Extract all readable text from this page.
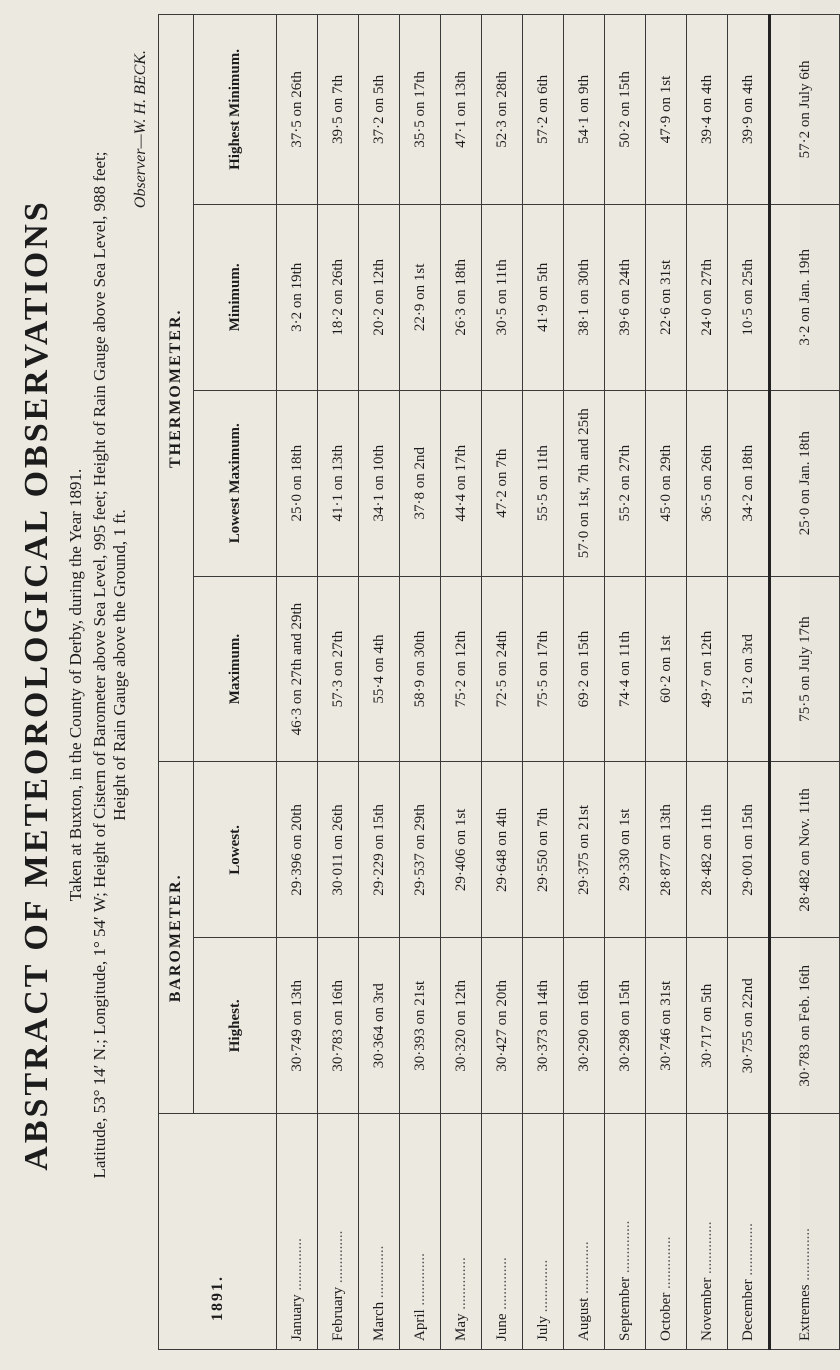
ABSTRACT OF METEOROLOGICAL OBSERVATIONS Taken at Buxton, in the County of Derby, during the Year 1891. Latitude, 53° 14′ N.; Longitude, 1° 54′ W; Height of Cistern of Barometer above Sea Level, 995 feet; Height of Rain Gauge above Sea Level, 988 feet; Height of Rain Gauge above the Ground, 1 ft.
Observer—W. H. BECK.
1891.	BAROMETER.		THERMOMETER.			
	Highest.	Lowest.	Maximum.	Lowest Maximum.	Minimum.	Highest Minimum.
January ..............	30·749 on 13th	29·396 on 20th	46·3 on 27th and 29th	25·0 on 18th	3·2 on 19th	37·5 on 26th
February ..............	30·783 on 16th	30·011 on 26th	57·3 on 27th	41·1 on 13th	18·2 on 26th	39·5 on 7th
March ..............	30·364 on 3rd	29·229 on 15th	55·4 on 4th	34·1 on 10th	20·2 on 12th	37·2 on 5th
April ..............	30·393 on 21st	29·537 on 29th	58·9 on 30th	37·8 on 2nd	22·9 on 1st	35·5 on 17th
May ..............	30·320 on 12th	29·406 on 1st	75·2 on 12th	44·4 on 17th	26·3 on 18th	47·1 on 13th
June ..............	30·427 on 20th	29·648 on 4th	72·5 on 24th	47·2 on 7th	30·5 on 11th	52·3 on 28th
July ..............	30·373 on 14th	29·550 on 7th	75·5 on 17th	55·5 on 11th	41·9 on 5th	57·2 on 6th
August ..............	30·290 on 16th	29·375 on 21st	69·2 on 15th	57·0 on 1st, 7th and 25th	38·1 on 30th	54·1 on 9th
September ..............	30·298 on 15th	29·330 on 1st	74·4 on 11th	55·2 on 27th	39·6 on 24th	50·2 on 15th
October ..............	30·746 on 31st	28·877 on 13th	60·2 on 1st	45·0 on 29th	22·6 on 31st	47·9 on 1st
November ..............	30·717 on 5th	28·482 on 11th	49·7 on 12th	36·5 on 26th	24·0 on 27th	39·4 on 4th
December ..............	30·755 on 22nd	29·001 on 15th	51·2 on 3rd	34·2 on 18th	10·5 on 25th	39·9 on 4th
Extremes ..............	30·783 on Feb. 16th	28·482 on Nov. 11th	75·5 on July 17th	25·0 on Jan. 18th	3·2 on Jan. 19th	57·2 on July 6th
